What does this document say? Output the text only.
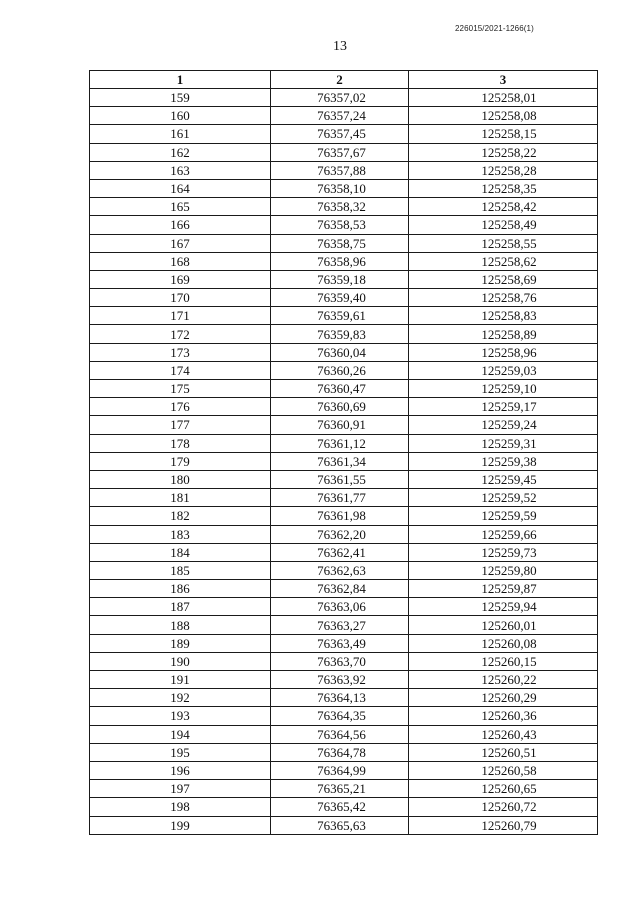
226015/2021-1266(1)
13
1	2	3
159	76357,02	125258,01
160	76357,24	125258,08
161	76357,45	125258,15
162	76357,67	125258,22
163	76357,88	125258,28
164	76358,10	125258,35
165	76358,32	125258,42
166	76358,53	125258,49
167	76358,75	125258,55
168	76358,96	125258,62
169	76359,18	125258,69
170	76359,40	125258,76
171	76359,61	125258,83
172	76359,83	125258,89
173	76360,04	125258,96
174	76360,26	125259,03
175	76360,47	125259,10
176	76360,69	125259,17
177	76360,91	125259,24
178	76361,12	125259,31
179	76361,34	125259,38
180	76361,55	125259,45
181	76361,77	125259,52
182	76361,98	125259,59
183	76362,20	125259,66
184	76362,41	125259,73
185	76362,63	125259,80
186	76362,84	125259,87
187	76363,06	125259,94
188	76363,27	125260,01
189	76363,49	125260,08
190	76363,70	125260,15
191	76363,92	125260,22
192	76364,13	125260,29
193	76364,35	125260,36
194	76364,56	125260,43
195	76364,78	125260,51
196	76364,99	125260,58
197	76365,21	125260,65
198	76365,42	125260,72
199	76365,63	125260,79
